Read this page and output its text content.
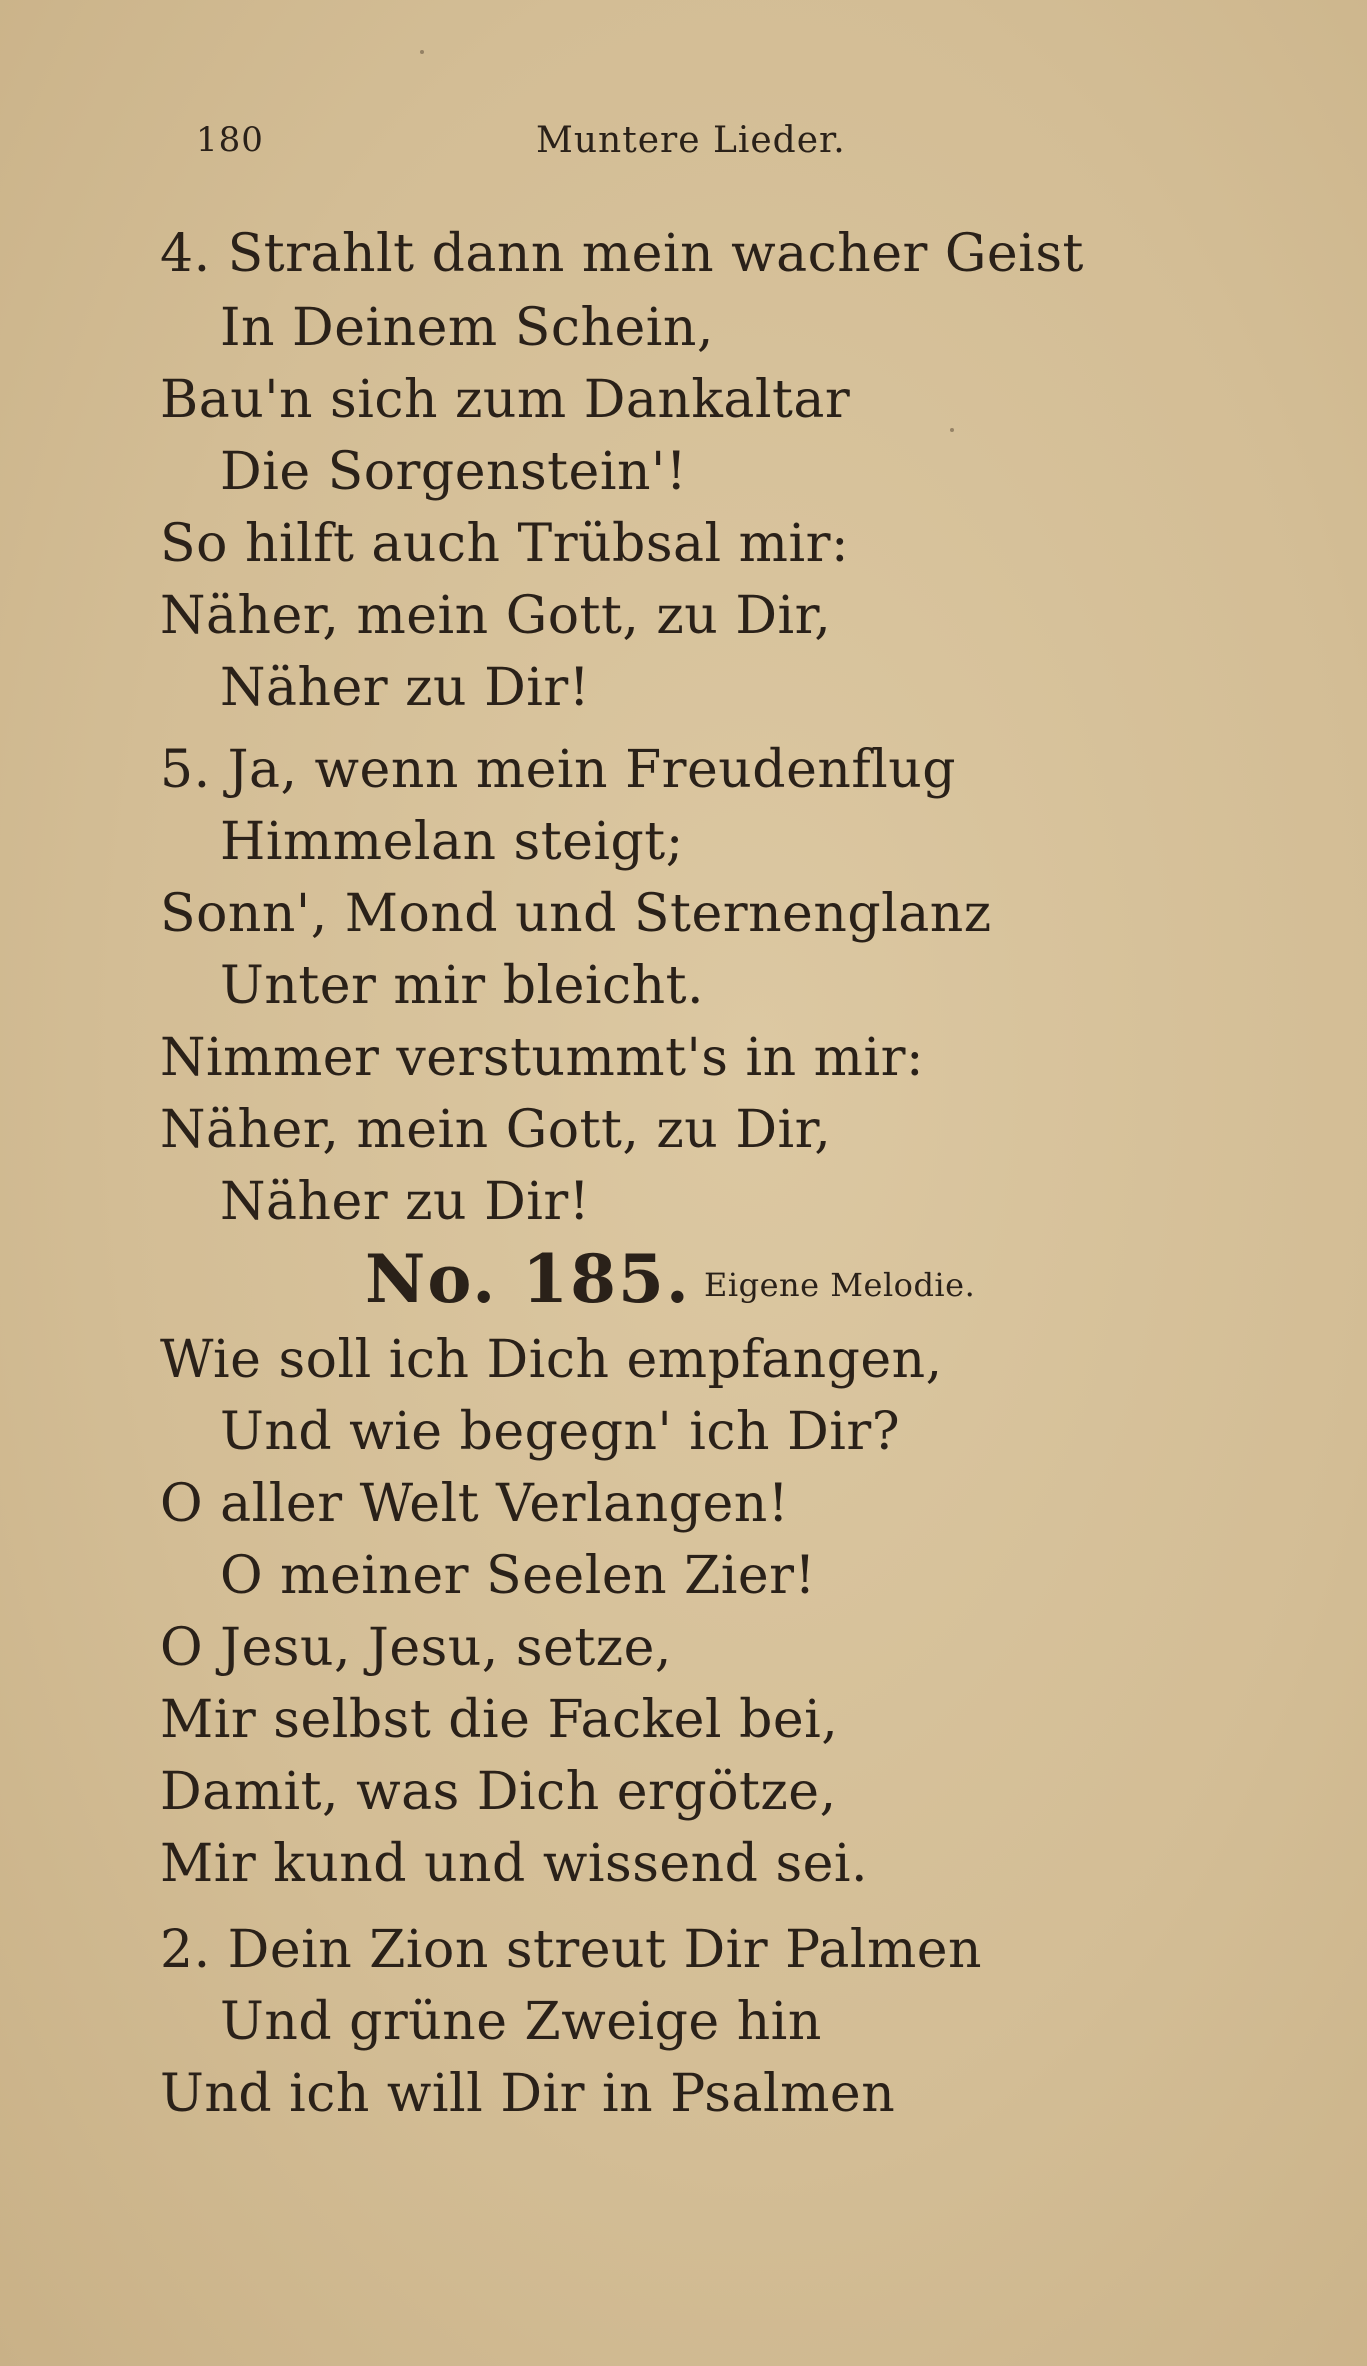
180	Muntere Lieder.
4. Strahlt dann mein wacher Geist
In Deinem Schein,
Bau'n sich zum Dankaltar
Die Sorgenstein'!
So hilft auch Trübsal mir:
Näher, mein Gott, zu Dir,
Näher zu Dir!
5. Ja, wenn mein Freudenflug
Himmelan steigt;
Sonn', Mond und Sternenglanz
Unter mir bleicht.
Nimmer verstummt's in mir:
Näher, mein Gott, zu Dir,
Näher zu Dir!
No. 185. Eigene Melodie.
Wie soll ich Dich empfangen,
Und wie begegn' ich Dir?
O aller Welt Verlangen!
O meiner Seelen Zier!
O Jesu, Jesu, setze,
Mir selbst die Fackel bei,
Damit, was Dich ergötze,
Mir kund und wissend sei.
2. Dein Zion streut Dir Palmen
Und grüne Zweige hin
Und ich will Dir in Psalmen
